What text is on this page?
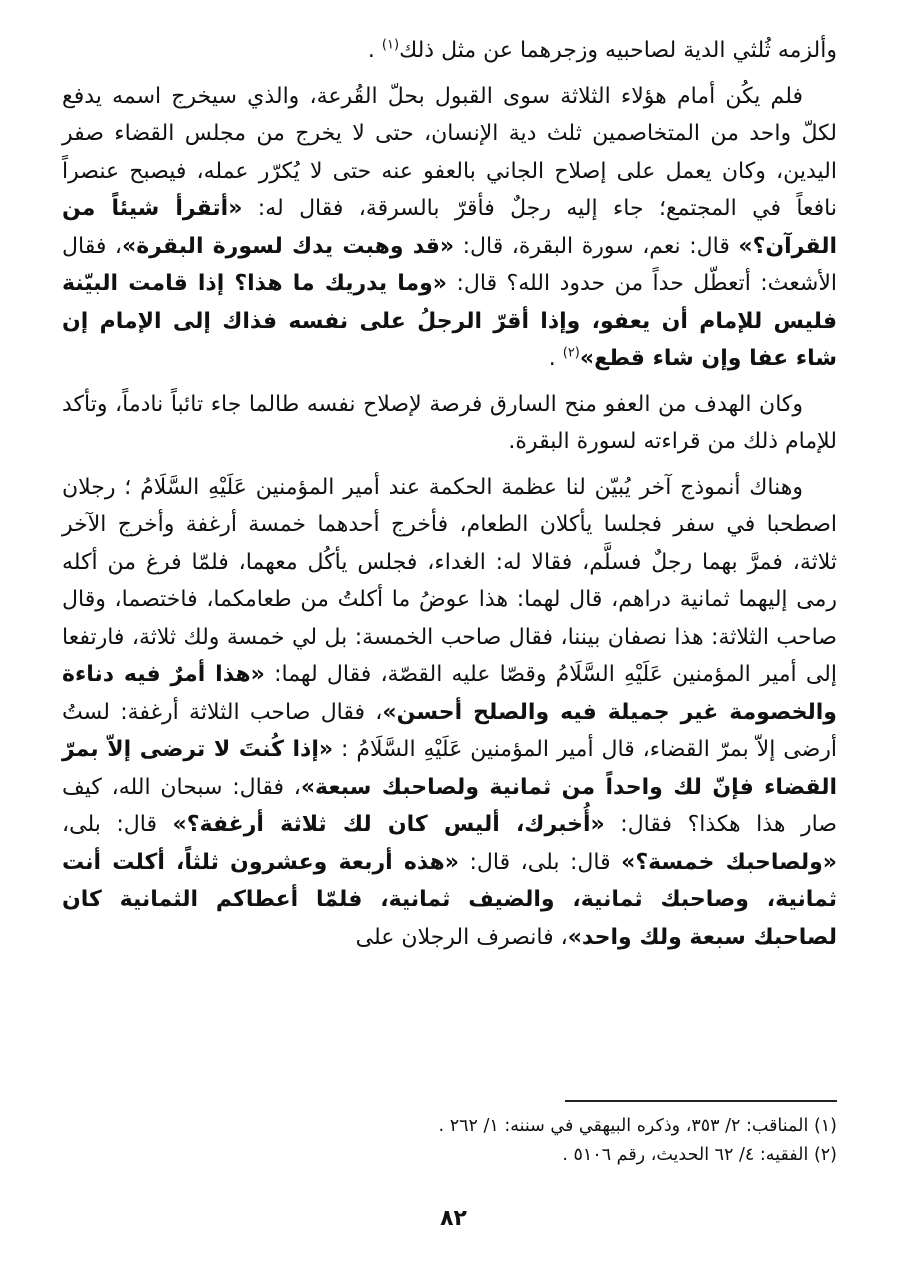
وألزمه ثُلثي الدية لصاحبيه وزجرهما عن مثل ذلك$^{(١)}$ .

فلم يكُن أمام هؤلاء الثلاثة سوى القبول بحلّ القُرعة، والذي سيخرج اسمه يدفع لكلّ واحد من المتخاصمين ثلث دية الإنسان، حتى لا يخرج من مجلس القضاء صفر اليدين، وكان يعمل على إصلاح الجاني بالعفو عنه حتى لا يُكرّر عمله، فيصبح عنصراً نافعاً في المجتمع؛ جاء إليه رجلٌ فأقرّ بالسرقة، فقال له: «أتقرأ شيئاً من القرآن؟» قال: نعم، سورة البقرة، قال: «قد وهبت يدك لسورة البقرة»، فقال الأشعث: أتعطّل حداً من حدود الله؟ قال: «وما يدريك ما هذا؟ إذا قامت البيّنة فليس للإمام أن يعفو، وإذا أقرّ الرجلُ على نفسه فذاك إلى الإمام إن شاء عفا وإن شاء قطع»$^{(٢)}$ .

وكان الهدف من العفو منح السارق فرصة لإصلاح نفسه طالما جاء تائباً نادماً، وتأكد للإمام ذلك من قراءته لسورة البقرة.

وهناك أنموذج آخر يُبيّن لنا عظمة الحكمة عند أمير المؤمنين عَلَيْهِ السَّلَامُ ؛ رجلان اصطحبا في سفر فجلسا يأكلان الطعام، فأخرج أحدهما خمسة أرغفة وأخرج الآخر ثلاثة، فمرَّ بهما رجلٌ فسلَّم، فقالا له: الغداء، فجلس يأكُل معهما، فلمّا فرغ من أكله رمى إليهما ثمانية دراهم، قال لهما: هذا عوضُ ما أكلتُ من طعامكما، فاختصما، وقال صاحب الثلاثة: هذا نصفان بيننا، فقال صاحب الخمسة: بل لي خمسة ولك ثلاثة، فارتفعا إلى أمير المؤمنين عَلَيْهِ السَّلَامُ وقصّا عليه القصّة، فقال لهما: «هذا أمرٌ فيه دناءة والخصومة غير جميلة فيه والصلح أحسن»، فقال صاحب الثلاثة أرغفة: لستُ أرضى إلاّ بمرّ القضاء، قال أمير المؤمنين عَلَيْهِ السَّلَامُ : «إذا كُنتَ لا ترضى إلاّ بمرّ القضاء فإنّ لك واحداً من ثمانية ولصاحبك سبعة»، فقال: سبحان الله، كيف صار هذا هكذا؟ فقال: «أُخبرك، أليس كان لك ثلاثة أرغفة؟» قال: بلى، «ولصاحبك خمسة؟» قال: بلى، قال: «هذه أربعة وعشرون ثلثاً، أكلت أنت ثمانية، وصاحبك ثمانية، والضيف ثمانية، فلمّا أعطاكم الثمانية كان لصاحبك سبعة ولك واحد»، فانصرف الرجلان على

(١) المناقب: ٢/ ٣٥٣، وذكره البيهقي في سننه: ١/ ٢٦٢ .

(٢) الفقيه: ٤/ ٦٢ الحديث، رقم ٥١٠٦ .

٨٢
